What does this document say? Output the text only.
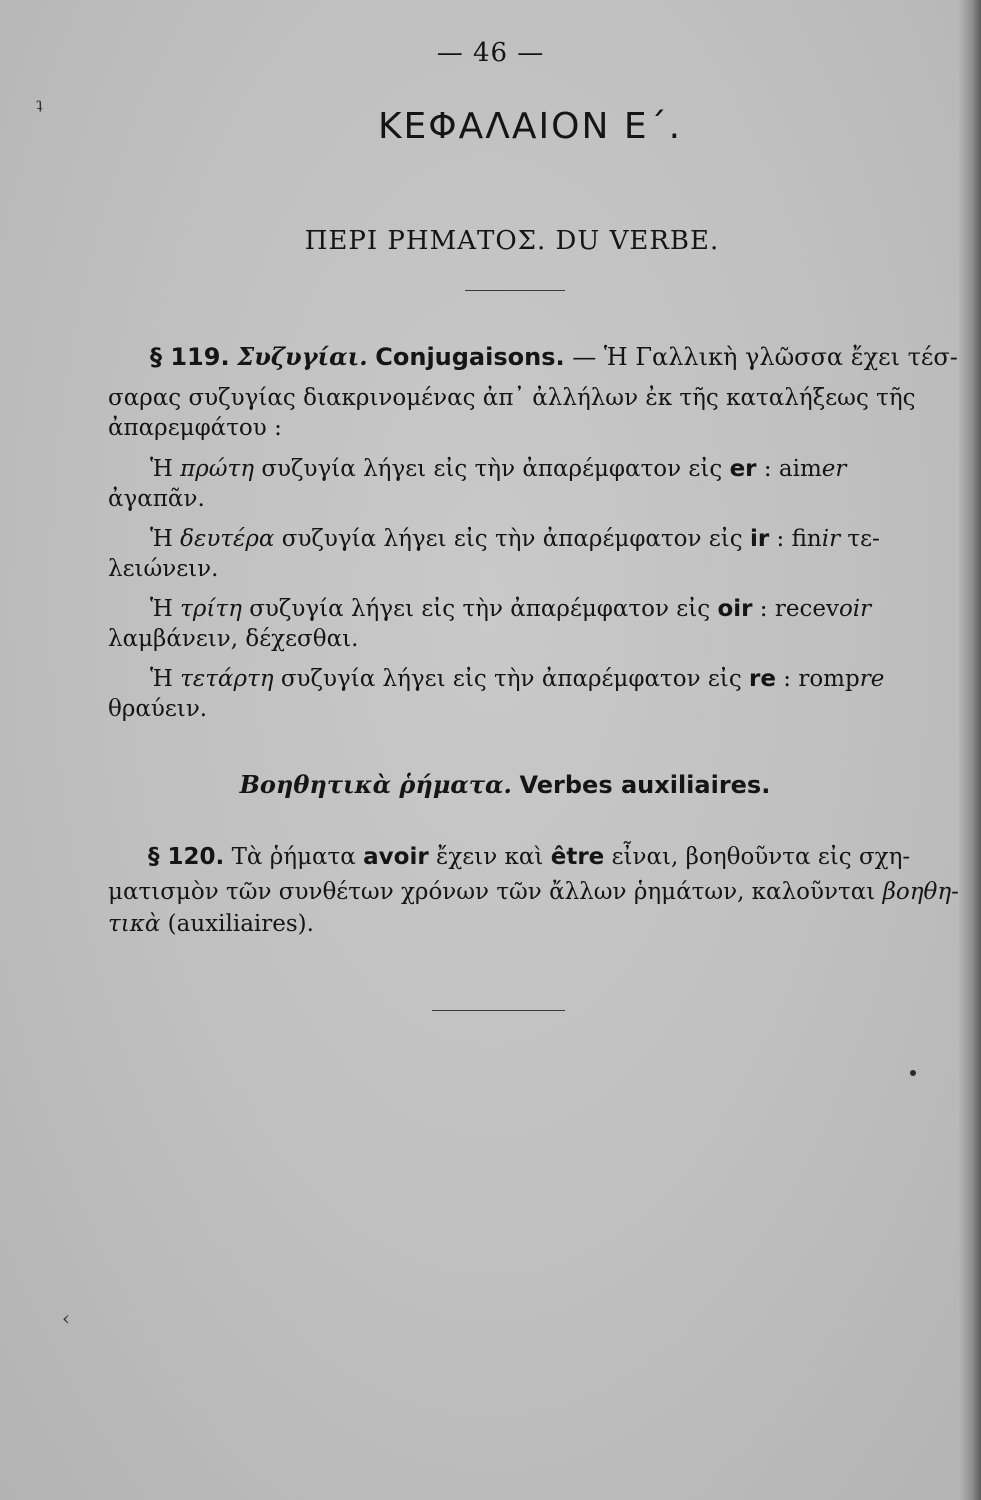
— 46 —
ΚΕΦΑΛΑΙΟΝ Ε΄.
ΠΕΡΙ ΡΗΜΑΤΟΣ. DU VERBE.
§ 119. Συζυγίαι. Conjugaisons. — Ἡ Γαλλικὴ γλῶσσα ἔχει τέσ-
σαρας συζυγίας διακρινομένας ἀπ᾿ ἀλλήλων ἐκ τῆς καταλήξεως τῆς
ἀπαρεμφάτου :
Ἡ πρώτη συζυγία λήγει εἰς τὴν ἀπαρέμφατον εἰς er : aimer
ἀγαπᾶν.
Ἡ δευτέρα συζυγία λήγει εἰς τὴν ἀπαρέμφατον εἰς ir : finir τε-
λειώνειν.
Ἡ τρίτη συζυγία λήγει εἰς τὴν ἀπαρέμφατον εἰς oir : recevoir
λαμβάνειν, δέχεσθαι.
Ἡ τετάρτη συζυγία λήγει εἰς τὴν ἀπαρέμφατον εἰς re : rompre
θραύειν.
Βοηθητικὰ ῥήματα. Verbes auxiliaires.
§ 120. Τὰ ῥήματα avoir ἔχειν καὶ être εἶναι, βοηθοῦντα εἰς σχη-
ματισμὸν τῶν συνθέτων χρόνων τῶν ἄλλων ῥημάτων, καλοῦνται βοηθη-
τικὰ (auxiliaires).
‹
ʇ
